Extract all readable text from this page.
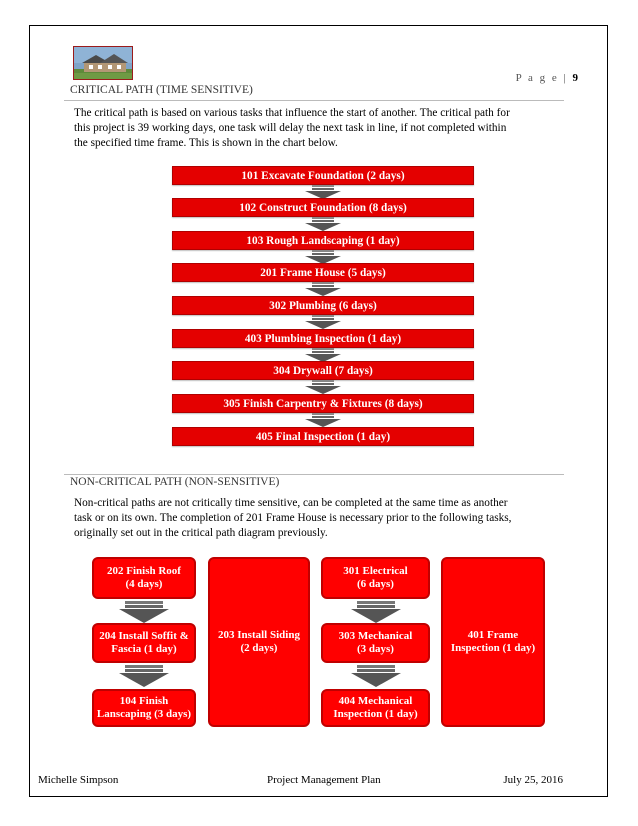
P a g e | 9
CRITICAL PATH (TIME SENSITIVE)
The critical path is based on various tasks that influence the start of another. The critical path for
this project is 39 working days, one task will delay the next task in line, if not completed within
the specified time frame. This is shown in the chart below.
101 Excavate Foundation (2 days)
102 Construct Foundation (8 days)
103 Rough Landscaping (1 day)
201 Frame House (5 days)
302 Plumbing (6 days)
403 Plumbing Inspection (1 day)
304 Drywall (7 days)
305 Finish Carpentry & Fixtures (8 days)
405 Final Inspection (1 day)
NON-CRITICAL PATH (NON-SENSITIVE)
Non-critical paths are not critically time sensitive, can be completed at the same time as another
task or on its own. The completion of 201 Frame House is necessary prior to the following tasks,
originally set out in the critical path diagram previously.
202 Finish Roof
(4 days)
204 Install Soffit &
Fascia (1 day)
104 Finish
Lanscaping (3 days)
203 Install Siding
(2 days)
301 Electrical
(6 days)
303 Mechanical
(3 days)
404 Mechanical
Inspection (1 day)
401 Frame
Inspection (1 day)
Michelle Simpson	Project Management Plan	July 25, 2016
